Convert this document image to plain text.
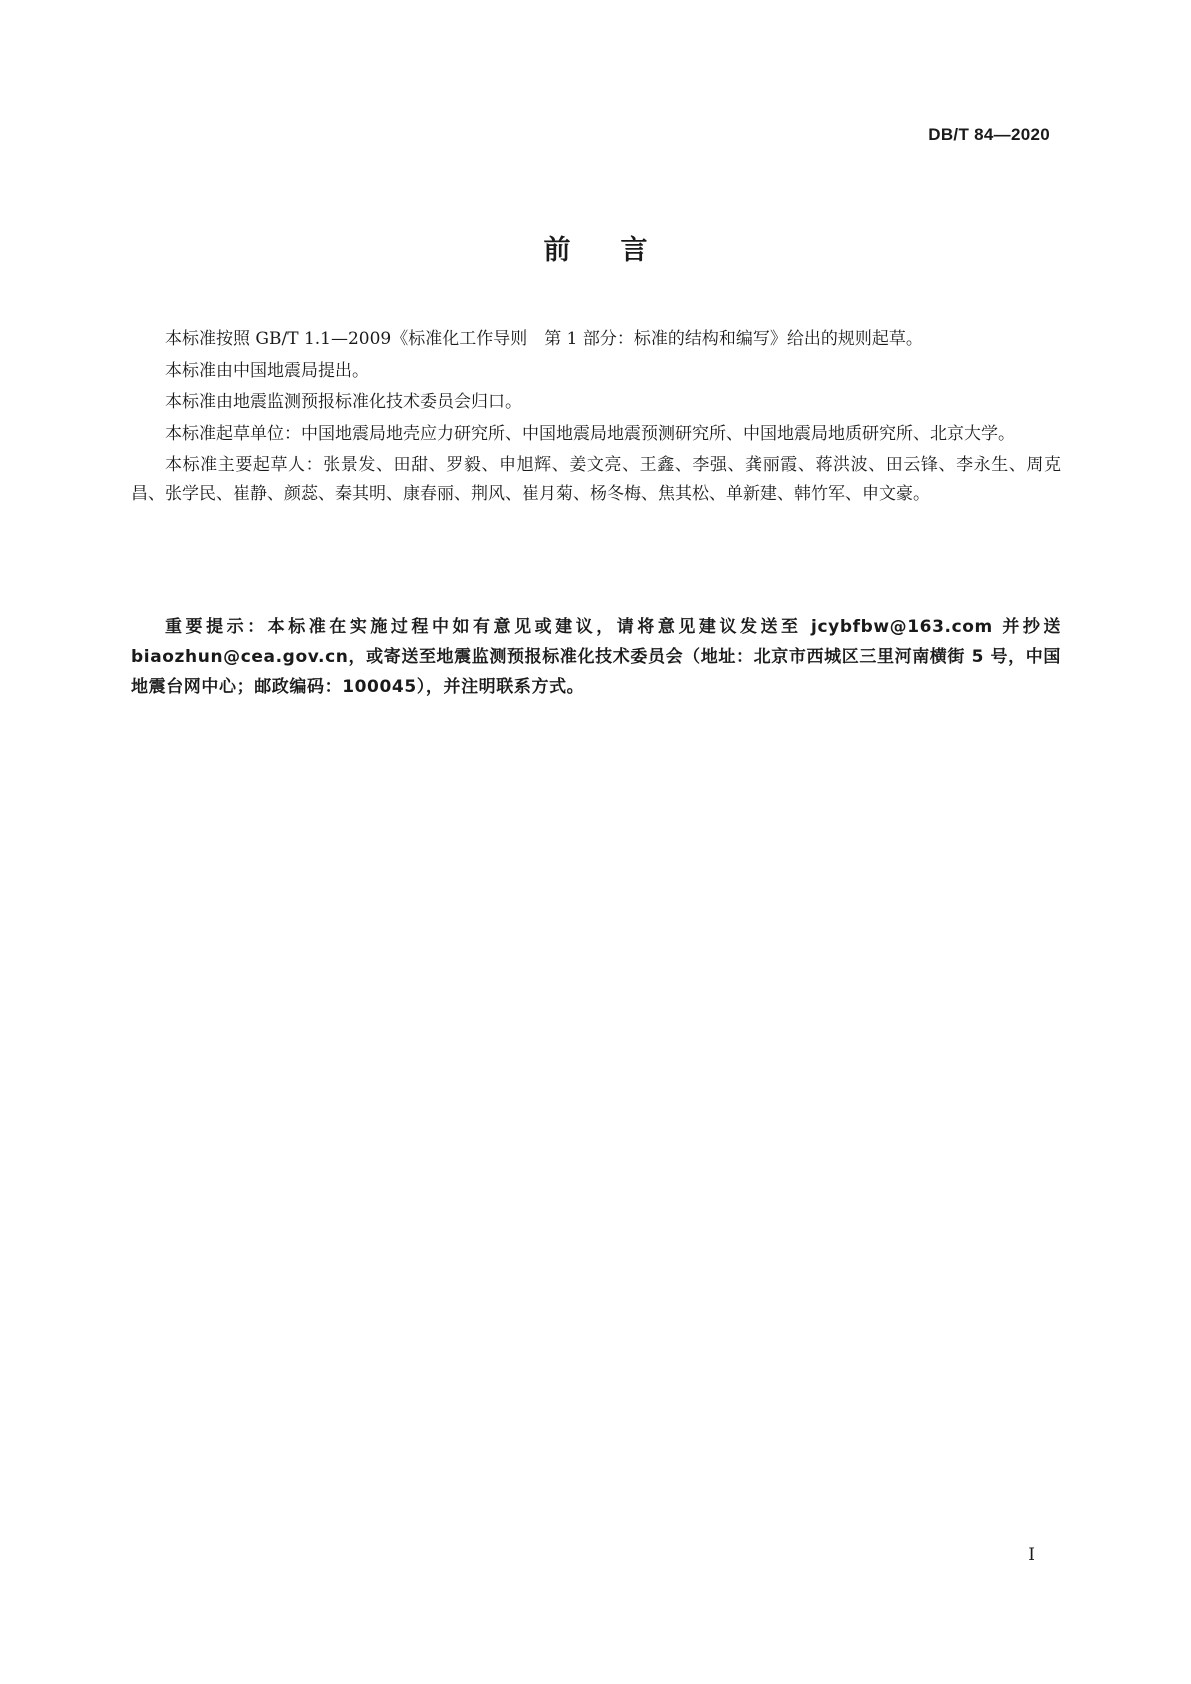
DB/T 84—2020
前言

本标准按照 GB/T 1.1—2009《标准化工作导则　第 1 部分：标准的结构和编写》给出的规则起草。

本标准由中国地震局提出。

本标准由地震监测预报标准化技术委员会归口。

本标准起草单位：中国地震局地壳应力研究所、中国地震局地震预测研究所、中国地震局地质研究所、北京大学。

本标准主要起草人：张景发、田甜、罗毅、申旭辉、姜文亮、王鑫、李强、龚丽霞、蒋洪波、田云锋、李永生、周克昌、张学民、崔静、颜蕊、秦其明、康春丽、荆风、崔月菊、杨冬梅、焦其松、单新建、韩竹军、申文豪。

重要提示：本标准在实施过程中如有意见或建议，请将意见建议发送至 jcybfbw@163.com 并抄送 biaozhun@cea.gov.cn，或寄送至地震监测预报标准化技术委员会（地址：北京市西城区三里河南横街 5 号，中国地震台网中心；邮政编码：100045），并注明联系方式。

I
